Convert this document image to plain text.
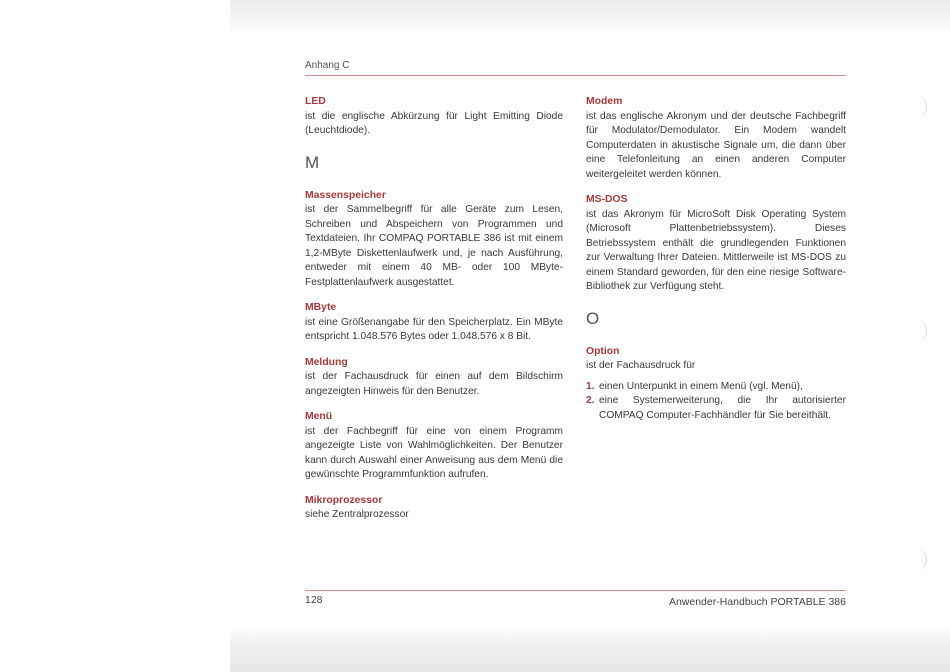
Anhang C
LED

ist die englische Abkürzung für Light Emitting Diode (Leuchtdiode).

M
Massenspeicher

ist der Sammelbegriff für alle Geräte zum Lesen, Schreiben und Abspeichern von Programmen und Textdateien. Ihr COMPAQ PORTABLE 386 ist mit einem 1,2-MByte Diskettenlaufwerk und, je nach Ausführung, entweder mit einem 40 MB- oder 100 MByte-Festplattenlaufwerk ausgestattet.

MByte

ist eine Größenangabe für den Speicherplatz. Ein MByte entspricht 1.048.576 Bytes oder 1.048.576 x 8 Bit.

Meldung

ist der Fachausdruck für einen auf dem Bildschirm angezeigten Hinweis für den Benutzer.

Menü

ist der Fachbegriff für eine von einem Programm angezeigte Liste von Wahlmöglichkeiten. Der Benutzer kann durch Auswahl einer Anweisung aus dem Menü die gewünschte Programmfunktion aufrufen.

Mikroprozessor

siehe Zentralprozessor

Modem

ist das englische Akronym und der deutsche Fachbegriff für Modulator/Demodulator. Ein Modem wandelt Computerdaten in akustische Signale um, die dann über eine Telefonleitung an einen anderen Computer weitergeleitet werden können.

MS-DOS

ist das Akronym für MicroSoft Disk Operating System (Microsoft Plattenbetriebssystem). Dieses Betriebssystem enthält die grundlegenden Funktionen zur Verwaltung Ihrer Dateien. Mittlerweile ist MS-DOS zu einem Standard geworden, für den eine riesige Software-Bibliothek zur Verfügung steht.

O
Option

ist der Fachausdruck für

1. einen Unterpunkt in einem Menü (vgl. Menü),
2. eine Systemerweiterung, die Ihr autorisierter COMPAQ Computer-Fachhändler für Sie bereithält.
128	Anwender-Handbuch PORTABLE 386
